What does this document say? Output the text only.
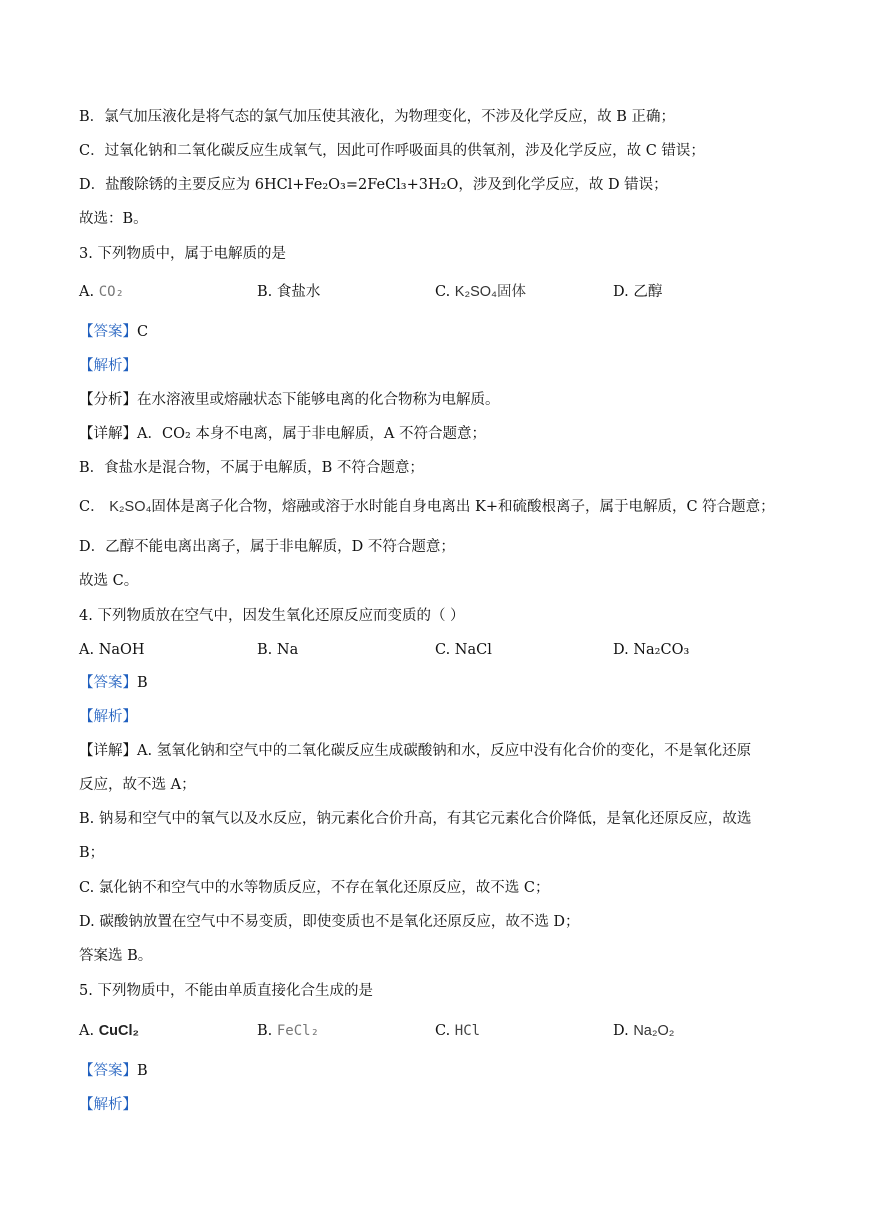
B．氯气加压液化是将气态的氯气加压使其液化，为物理变化，不涉及化学反应，故 B 正确；
C．过氧化钠和二氧化碳反应生成氧气，因此可作呼吸面具的供氧剂，涉及化学反应，故 C 错误；
D．盐酸除锈的主要反应为 6HCl+Fe₂O₃=2FeCl₃+3H₂O，涉及到化学反应，故 D 错误；
故选：B。
3. 下列物质中，属于电解质的是
A. CO₂	B. 食盐水	C. K₂SO₄固体	D. 乙醇
【答案】C
【解析】
【分析】在水溶液里或熔融状态下能够电离的化合物称为电解质。
【详解】A．CO₂ 本身不电离，属于非电解质，A 不符合题意；
B．食盐水是混合物，不属于电解质，B 不符合题意；
C． K₂SO₄固体是离子化合物，熔融或溶于水时能自身电离出 K+和硫酸根离子，属于电解质，C 符合题意；
D．乙醇不能电离出离子，属于非电解质，D 不符合题意；
故选 C。
4. 下列物质放在空气中，因发生氧化还原反应而变质的（ ）
A. NaOH	B. Na	C. NaCl	D. Na₂CO₃
【答案】B
【解析】
【详解】A. 氢氧化钠和空气中的二氧化碳反应生成碳酸钠和水，反应中没有化合价的变化，不是氧化还原
反应，故不选 A；
B. 钠易和空气中的氧气以及水反应，钠元素化合价升高，有其它元素化合价降低，是氧化还原反应，故选
B；
C. 氯化钠不和空气中的水等物质反应，不存在氧化还原反应，故不选 C；
D. 碳酸钠放置在空气中不易变质，即使变质也不是氧化还原反应，故不选 D；
答案选 B。
5. 下列物质中，不能由单质直接化合生成的是
A. CuCl₂	B. FeCl₂	C. HCl	D. Na₂O₂
【答案】B
【解析】
